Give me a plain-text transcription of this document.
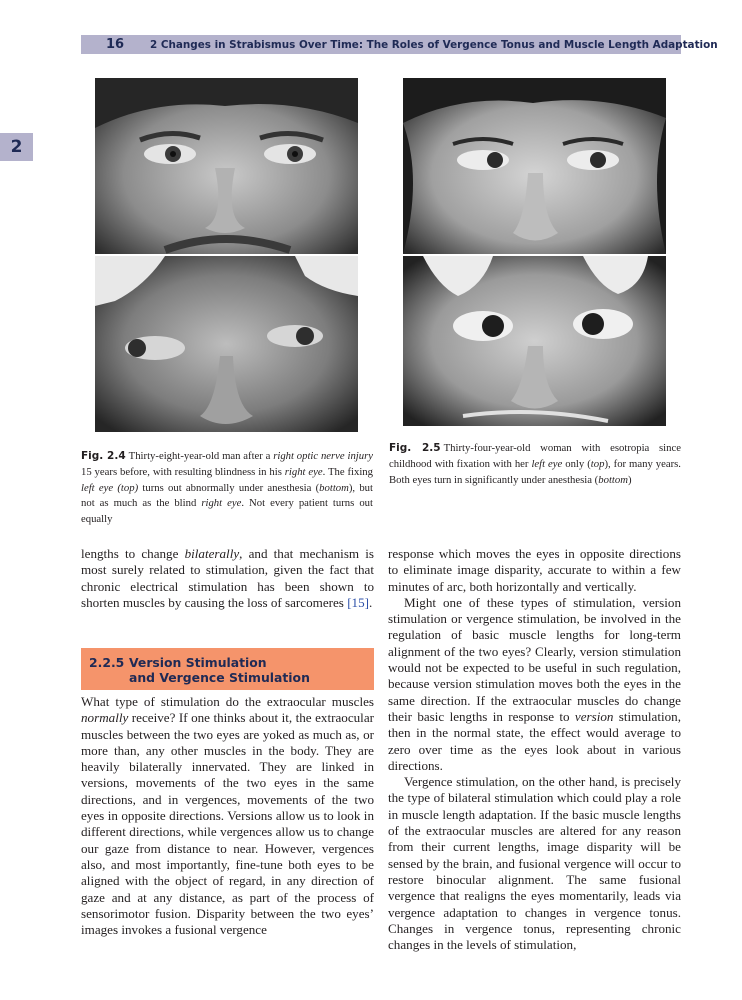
16 2 Changes in Strabismus Over Time: The Roles of Vergence Tonus and Muscle Length Adaptation
2
Fig. 2.4 Thirty-eight-year-old man after a right optic nerve injury 15 years before, with resulting blindness in his right eye. The fixing left eye (top) turns out abnormally under anesthesia (bottom), but not as much as the blind right eye. Not every patient turns out equally
Fig. 2.5 Thirty-four-year-old woman with esotropia since childhood with fixation with her left eye only (top), for many years. Both eyes turn in significantly under anesthesia (bottom)

lengths to change bilaterally, and that mechanism is most surely related to stimulation, given the fact that chronic electrical stimulation has been shown to shorten muscles by causing the loss of sarcomeres [15].

2.2.5 Version Stimulation
and Vergence Stimulation

What type of stimulation do the extraocular muscles normally receive? If one thinks about it, the extraocular muscles between the two eyes are yoked as much as, or more than, any other muscles in the body. They are heavily bilaterally innervated. They are linked in versions, movements of the two eyes in the same directions, and in vergences, movements of the two eyes in opposite directions. Versions allow us to look in different directions, while vergences allow us to change our gaze from distance to near. However, vergences also, and most importantly, fine-tune both eyes to be aligned with the object of regard, in any direction of gaze and at any distance, as part of the process of sensorimotor fusion. Disparity between the two eyes’ images invokes a fusional vergence

response which moves the eyes in opposite directions to eliminate image disparity, accurate to within a few minutes of arc, both horizontally and vertically.

Might one of these types of stimulation, version stimulation or vergence stimulation, be involved in the regulation of basic muscle lengths for long-term alignment of the two eyes? Clearly, version stimulation would not be expected to be useful in such regulation, because version stimulation moves both the eyes in the same direction. If the extraocular muscles do change their basic lengths in response to version stimulation, then in the normal state, the effect would average to zero over time as the eyes look about in various directions.

Vergence stimulation, on the other hand, is precisely the type of bilateral stimulation which could play a role in muscle length adaptation. If the basic muscle lengths of the extraocular muscles are altered for any reason from their current lengths, image disparity will be sensed by the brain, and fusional vergence will occur to restore binocular alignment. The same fusional vergence that realigns the eyes momentarily, leads via vergence adaptation to changes in vergence tonus. Changes in vergence tonus, representing chronic changes in the levels of stimulation,
